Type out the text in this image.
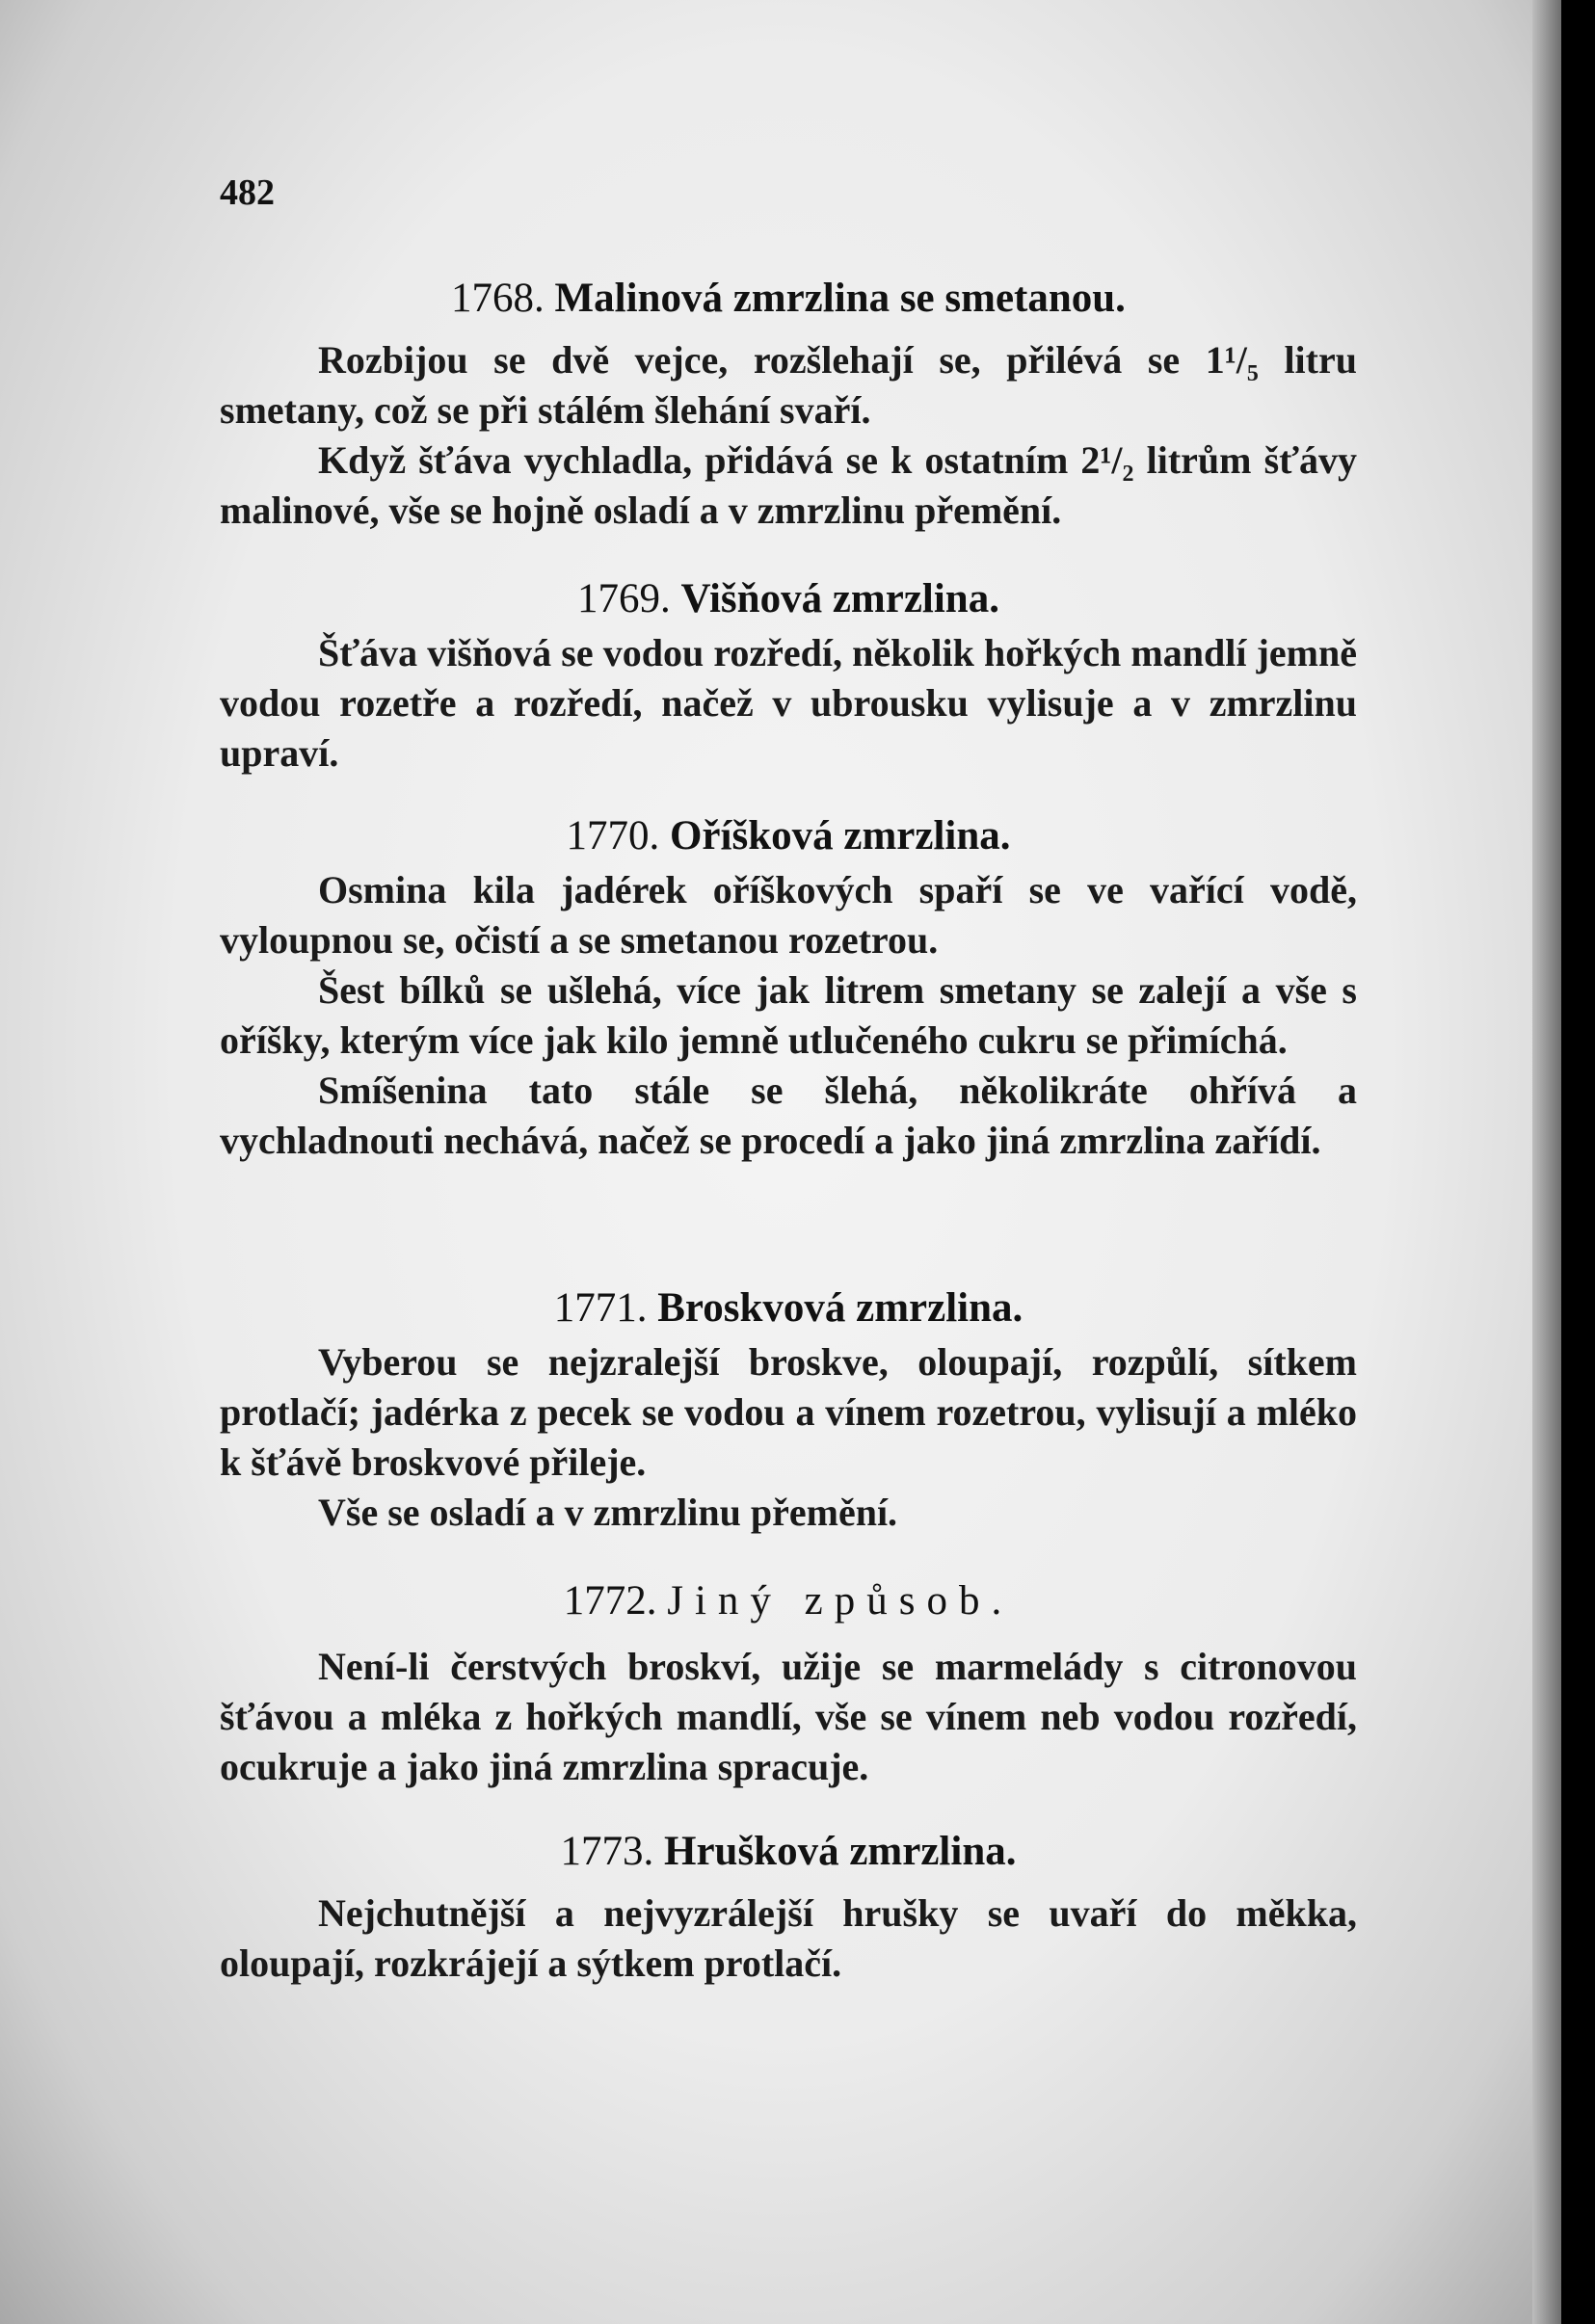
482

1768. Malinová zmrzlina se smetanou.

Rozbijou se dvě vejce, rozšlehají se, přilévá se 1¹/₅ litru smetany, což se při stálém šlehání svaří.

Když šťáva vychladla, přidává se k ostatním 2¹/₂ litrům šťávy malinové, vše se hojně osladí a v zmrzlinu přemění.

1769. Višňová zmrzlina.

Šťáva višňová se vodou rozředí, několik hořkých mandlí jemně vodou rozetře a rozředí, načež v ubrousku vylisuje a v zmrzlinu upraví.

1770. Oříšková zmrzlina.

Osmina kila jadérek oříškových spaří se ve vařící vodě, vyloupnou se, očistí a se smetanou rozetrou.

Šest bílků se ušlehá, více jak litrem smetany se zalejí a vše s oříšky, kterým více jak kilo jemně utlučeného cukru se přimíchá.

Smíšenina tato stále se šlehá, několikráte ohřívá a vychladnouti nechává, načež se procedí a jako jiná zmrzlina zařídí.

1771. Broskvová zmrzlina.

Vyberou se nejzralejší broskve, oloupají, rozpůlí, sítkem protlačí; jadérka z pecek se vodou a vínem rozetrou, vylisují a mléko k šťávě broskvové přileje.

Vše se osladí a v zmrzlinu přemění.

1772. Jiný způsob.

Není-li čerstvých broskví, užije se marmelády s citronovou šťávou a mléka z hořkých mandlí, vše se vínem neb vodou rozředí, ocukruje a jako jiná zmrzlina spracuje.

1773. Hrušková zmrzlina.

Nejchutnější a nejvyzrálejší hrušky se uvaří do měkka, oloupají, rozkrájejí a sýtkem protlačí.
